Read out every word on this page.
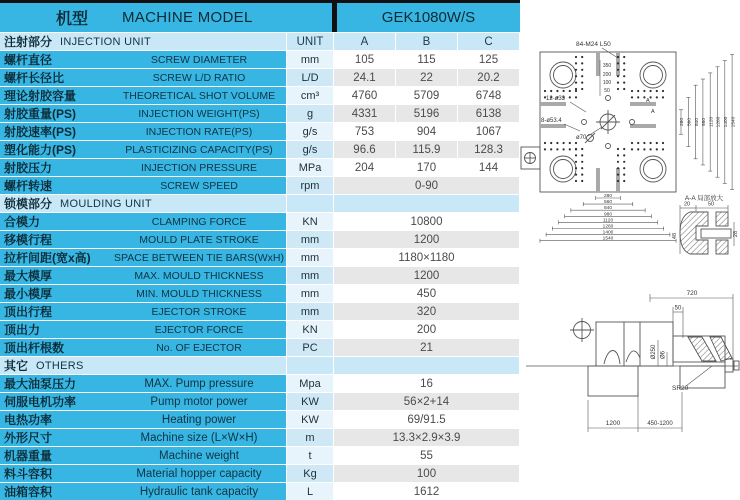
机型 MACHINE MODEL	GEK1080W/S
注射部分 INJECTION UNIT	UNIT	A	B	C
螺杆直径	SCREW DIAMETER	mm	105	115	125
螺杆长径比	SCREW L/D RATIO	L/D	24.1	22	20.2
理论射胶容量	THEORETICAL SHOT VOLUME	cm³	4760	5709	6748
射胶重量(PS)	INJECTION WEIGHT(PS)	g	4331	5196	6138
射胶速率(PS)	INJECTION RATE(PS)	g/s	753	904	1067
塑化能力(PS)	PLASTICIZING CAPACITY(PS)	g/s	96.6	115.9	128.3
射胶压力	INJECTION PRESSURE	MPa	204	170	144
螺杆转速	SCREW SPEED	rpm	0-90
锁模部分 MOULDING UNIT
合模力	CLAMPING FORCE	KN	10800
移模行程	MOULD PLATE STROKE	mm	1200
拉杆间距(宽x高)	SPACE BETWEEN TIE BARS(WxH)	mm	1180×1180
最大模厚	MAX. MOULD THICKNESS	mm	1200
最小模厚	MIN. MOULD THICKNESS	mm	450
顶出行程	EJECTOR STROKE	mm	320
顶出力	EJECTOR FORCE	KN	200
顶出杆根数	No. OF EJECTOR	PC	21
其它 OTHERS
最大油泵压力	MAX. Pump pressure	Mpa	16
伺服电机功率	Pump motor power	KW	56×2+14
电热功率	Heating power	KW	69/91.5
外形尺寸	Machine size (L×W×H)	m	13.3×2.9×3.9
机器重量	Machine weight	t	55
料斗容积	Material hopper capacity	Kg	100
油箱容积	Hydraulic tank capacity	L	1612
280 560 840 980 1120 1260 1400 1540
280
560
840
980
1120
1260
1400
1540
84-M24 L50
12-ø33
8-ø53.4
ø70
350
200
100
50
A
A
A-A 局部放大
20	50
48	28
720
50
Ø250 Ø6
SR20
1200	450-1200
